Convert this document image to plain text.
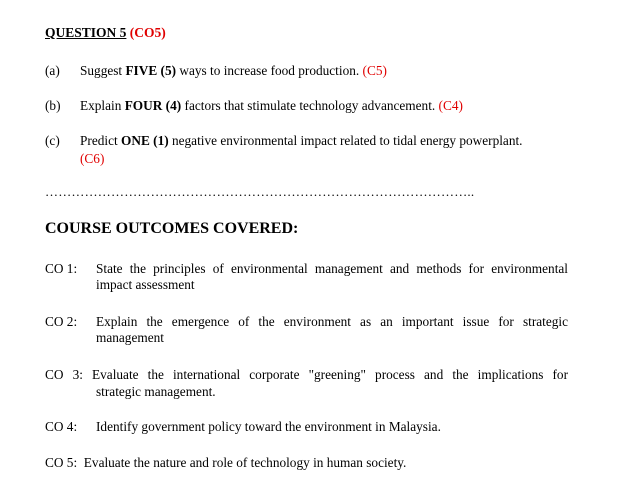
QUESTION 5 (CO5)
(a) Suggest FIVE (5) ways to increase food production. (C5)
(b) Explain FOUR (4) factors that stimulate technology advancement. (C4)
(c) Predict ONE (1) negative environmental impact related to tidal energy powerplant.
(C6)
……………………………………………………………………………………..
COURSE OUTCOMES COVERED:
CO 1: State the principles of environmental management and methods for environmental impact assessment
CO 2: Explain the emergence of the environment as an important issue for strategic management
CO 3: Evaluate the international corporate "greening" process and the implications for
strategic management.
CO 4: Identify government policy toward the environment in Malaysia.
CO 5: Evaluate the nature and role of technology in human society.
